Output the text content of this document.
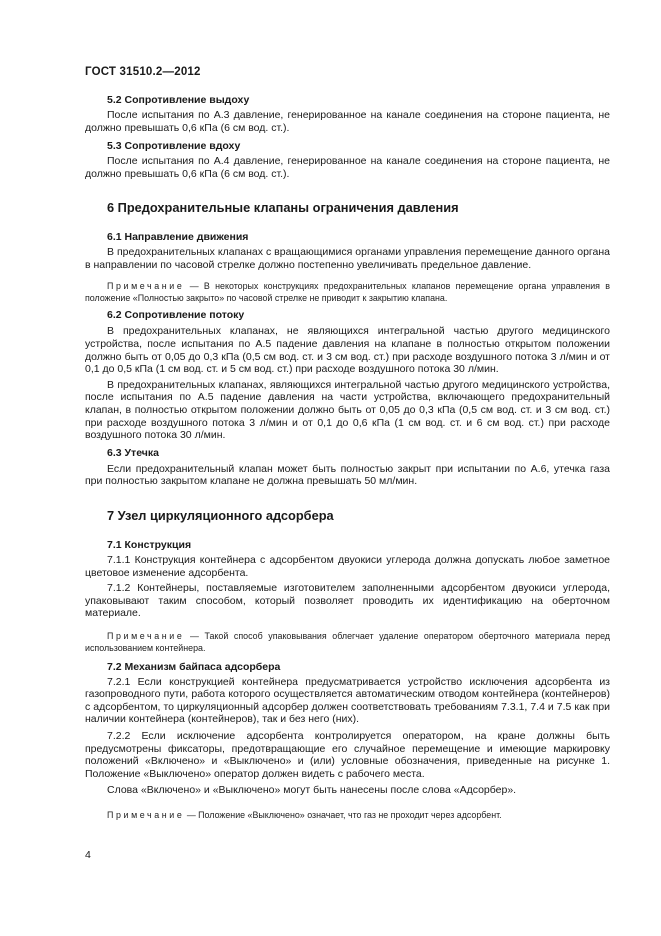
ГОСТ 31510.2—2012
5.2 Сопротивление выдоху
После испытания по А.3 давление, генерированное на канале соединения на стороне пациента, не должно превышать 0,6 кПа (6 см вод. ст.).
5.3 Сопротивление вдоху
После испытания по А.4 давление, генерированное на канале соединения на стороне пациента, не должно превышать 0,6 кПа (6 см вод. ст.).
6 Предохранительные клапаны ограничения давления
6.1 Направление движения
В предохранительных клапанах с вращающимися органами управления перемещение данного органа в направлении по часовой стрелке должно постепенно увеличивать предельное давление.
Примечание — В некоторых конструкциях предохранительных клапанов перемещение органа управления в положение «Полностью закрыто» по часовой стрелке не приводит к закрытию клапана.
6.2 Сопротивление потоку
В предохранительных клапанах, не являющихся интегральной частью другого медицинского устройства, после испытания по А.5 падение давления на клапане в полностью открытом положении должно быть от 0,05 до 0,3 кПа (0,5 см вод. ст. и 3 см вод. ст.) при расходе воздушного потока 3 л/мин и от 0,1 до 0,5 кПа (1 см вод. ст. и 5 см вод. ст.) при расходе воздушного потока 30 л/мин.
В предохранительных клапанах, являющихся интегральной частью другого медицинского устройства, после испытания по А.5 падение давления на части устройства, включающего предохранительный клапан, в полностью открытом положении должно быть от 0,05 до 0,3 кПа (0,5 см вод. ст. и 3 см вод. ст.) при расходе воздушного потока 3 л/мин и от 0,1 до 0,6 кПа (1 см вод. ст. и 6 см вод. ст.) при расходе воздушного потока 30 л/мин.
6.3 Утечка
Если предохранительный клапан может быть полностью закрыт при испытании по А.6, утечка газа при полностью закрытом клапане не должна превышать 50 мл/мин.
7 Узел циркуляционного адсорбера
7.1 Конструкция
7.1.1 Конструкция контейнера с адсорбентом двуокиси углерода должна допускать любое заметное цветовое изменение адсорбента.
7.1.2 Контейнеры, поставляемые изготовителем заполненными адсорбентом двуокиси углерода, упаковывают таким способом, который позволяет проводить их идентификацию на оберточном материале.
Примечание — Такой способ упаковывания облегчает удаление оператором оберточного материала перед использованием контейнера.
7.2 Механизм байпаса адсорбера
7.2.1 Если конструкцией контейнера предусматривается устройство исключения адсорбента из газопроводного пути, работа которого осуществляется автоматическим отводом контейнера (контейнеров) с адсорбентом, то циркуляционный адсорбер должен соответствовать требованиям 7.3.1, 7.4 и 7.5 как при наличии контейнера (контейнеров), так и без него (них).
7.2.2 Если исключение адсорбента контролируется оператором, на кране должны быть предусмотрены фиксаторы, предотвращающие его случайное перемещение и имеющие маркировку положений «Включено» и «Выключено» и (или) условные обозначения, приведенные на рисунке 1. Положение «Выключено» оператор должен видеть с рабочего места.
Слова «Включено» и «Выключено» могут быть нанесены после слова «Адсорбер».
Примечание — Положение «Выключено» означает, что газ не проходит через адсорбент.
4
